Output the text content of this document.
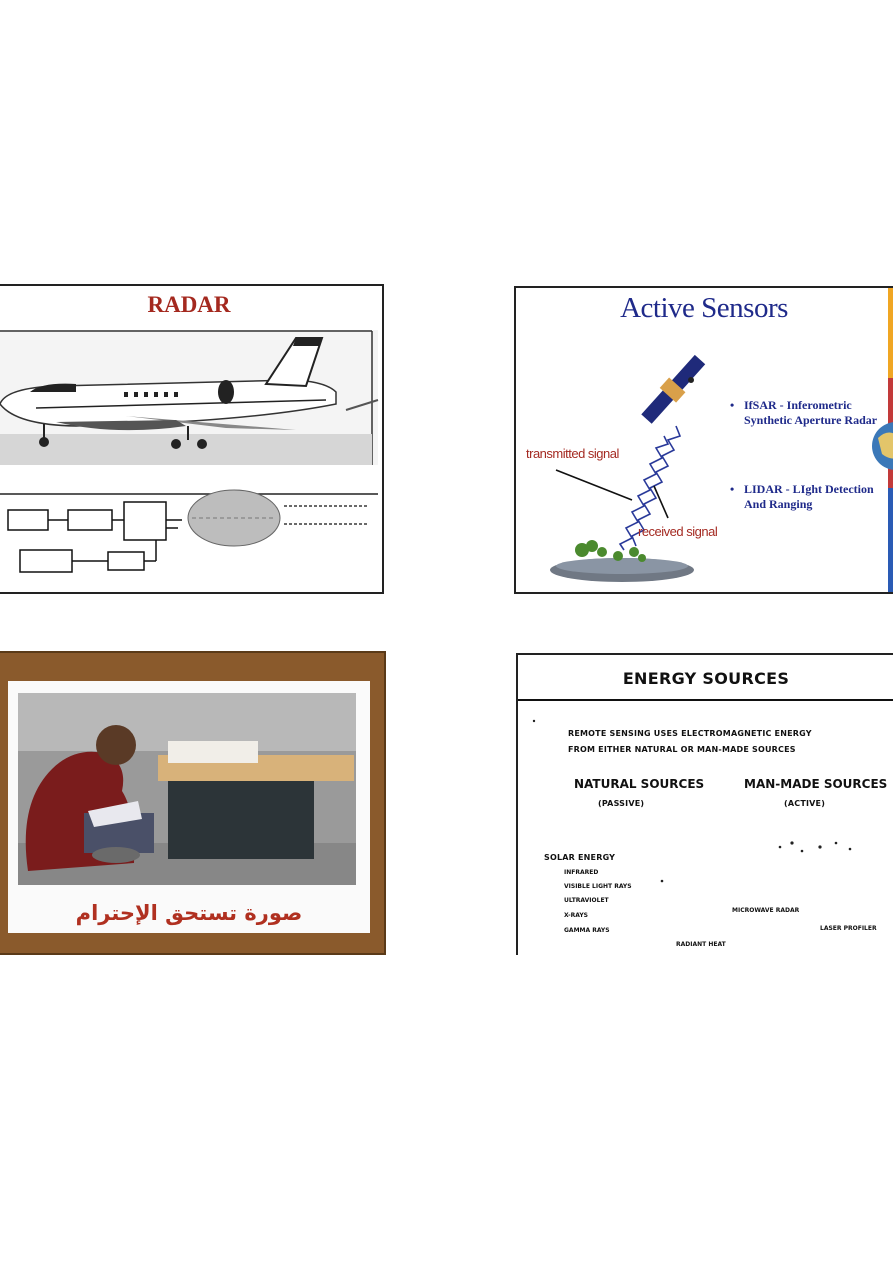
RADAR	Active Sensors
transmitted signal
received signal
• IfSAR - Inferometric
Synthetic Aperture Radar
• LIDAR - LIght Detection
And Ranging
صورة تستحق الإحترام
ENERGY SOURCES
REMOTE SENSING USES ELECTROMAGNETIC ENERGY
FROM EITHER NATURAL OR MAN-MADE SOURCES
NATURAL SOURCES
(PASSIVE)
MAN-MADE SOURCES
(ACTIVE)
SOLAR ENERGY
INFRARED
VISIBLE LIGHT RAYS
ULTRAVIOLET
X-RAYS
GAMMA RAYS
MICROWAVE RADAR
LASER PROFILER
RADIANT HEAT
